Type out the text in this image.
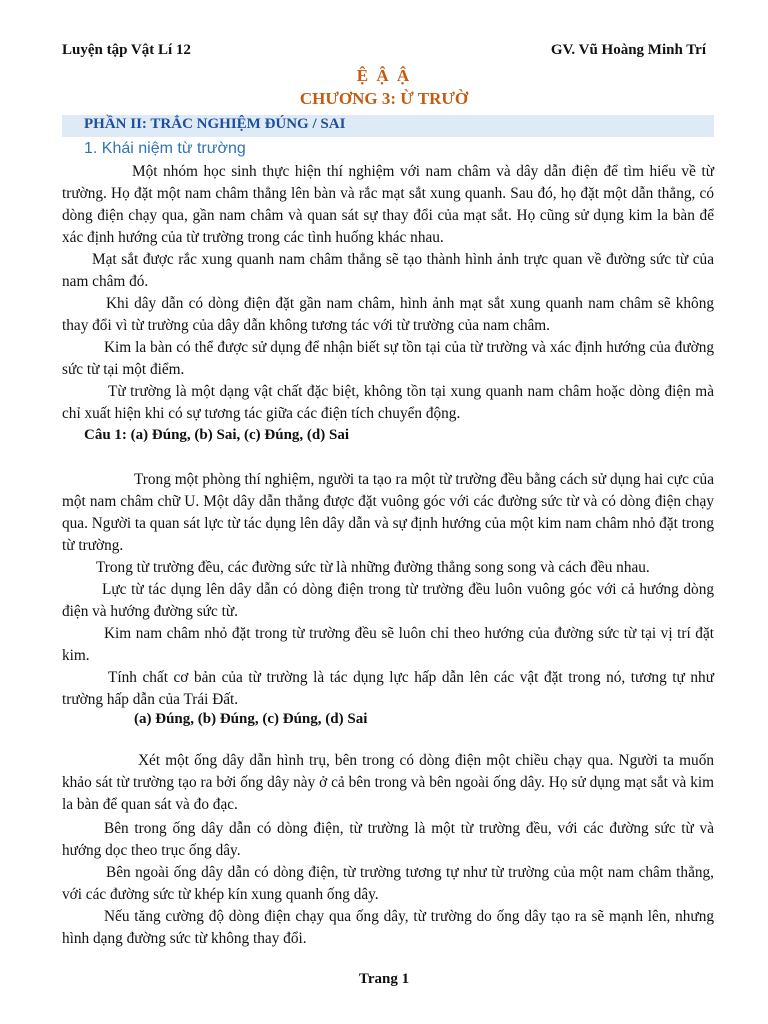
Luyện tập Vật Lí 12	GV. Vũ Hoàng Minh Trí
Ệ Ậ Ậ
CHƯƠNG 3: Ừ TRƯỜ
PHẦN II: TRẮC NGHIỆM ĐÚNG / SAI
1. Khái niệm từ trường

Một nhóm học sinh thực hiện thí nghiệm với nam châm và dây dẫn điện để tìm hiểu về từ trường. Họ đặt một nam châm thẳng lên bàn và rắc mạt sắt xung quanh. Sau đó, họ đặt một dẫn thẳng, có dòng điện chạy qua, gần nam châm và quan sát sự thay đổi của mạt sắt. Họ cũng sử dụng kim la bàn để xác định hướng của từ trường trong các tình huống khác nhau.

Mạt sắt được rắc xung quanh nam châm thẳng sẽ tạo thành hình ảnh trực quan về đường sức từ của nam châm đó.

Khi dây dẫn có dòng điện đặt gần nam châm, hình ảnh mạt sắt xung quanh nam châm sẽ không thay đổi vì từ trường của dây dẫn không tương tác với từ trường của nam châm.

Kim la bàn có thể được sử dụng để nhận biết sự tồn tại của từ trường và xác định hướng của đường sức từ tại một điểm.

Từ trường là một dạng vật chất đặc biệt, không tồn tại xung quanh nam châm hoặc dòng điện mà chỉ xuất hiện khi có sự tương tác giữa các điện tích chuyển động.

Câu 1: (a) Đúng, (b) Sai, (c) Đúng, (d) Sai

Trong một phòng thí nghiệm, người ta tạo ra một từ trường đều bằng cách sử dụng hai cực của một nam châm chữ U. Một dây dẫn thẳng được đặt vuông góc với các đường sức từ và có dòng điện chạy qua. Người ta quan sát lực từ tác dụng lên dây dẫn và sự định hướng của một kim nam châm nhỏ đặt trong từ trường.

Trong từ trường đều, các đường sức từ là những đường thẳng song song và cách đều nhau.

Lực từ tác dụng lên dây dẫn có dòng điện trong từ trường đều luôn vuông góc với cả hướng dòng điện và hướng đường sức từ.

Kim nam châm nhỏ đặt trong từ trường đều sẽ luôn chỉ theo hướng của đường sức từ tại vị trí đặt kim.

Tính chất cơ bản của từ trường là tác dụng lực hấp dẫn lên các vật đặt trong nó, tương tự như trường hấp dẫn của Trái Đất.

(a) Đúng, (b) Đúng, (c) Đúng, (d) Sai

Xét một ống dây dẫn hình trụ, bên trong có dòng điện một chiều chạy qua. Người ta muốn khảo sát từ trường tạo ra bởi ống dây này ở cả bên trong và bên ngoài ống dây. Họ sử dụng mạt sắt và kim la bàn để quan sát và đo đạc.

Bên trong ống dây dẫn có dòng điện, từ trường là một từ trường đều, với các đường sức từ và hướng dọc theo trục ống dây.

Bên ngoài ống dây dẫn có dòng điện, từ trường tương tự như từ trường của một nam châm thẳng, với các đường sức từ khép kín xung quanh ống dây.

Nếu tăng cường độ dòng điện chạy qua ống dây, từ trường do ống dây tạo ra sẽ mạnh lên, nhưng hình dạng đường sức từ không thay đổi.

Trang 1
